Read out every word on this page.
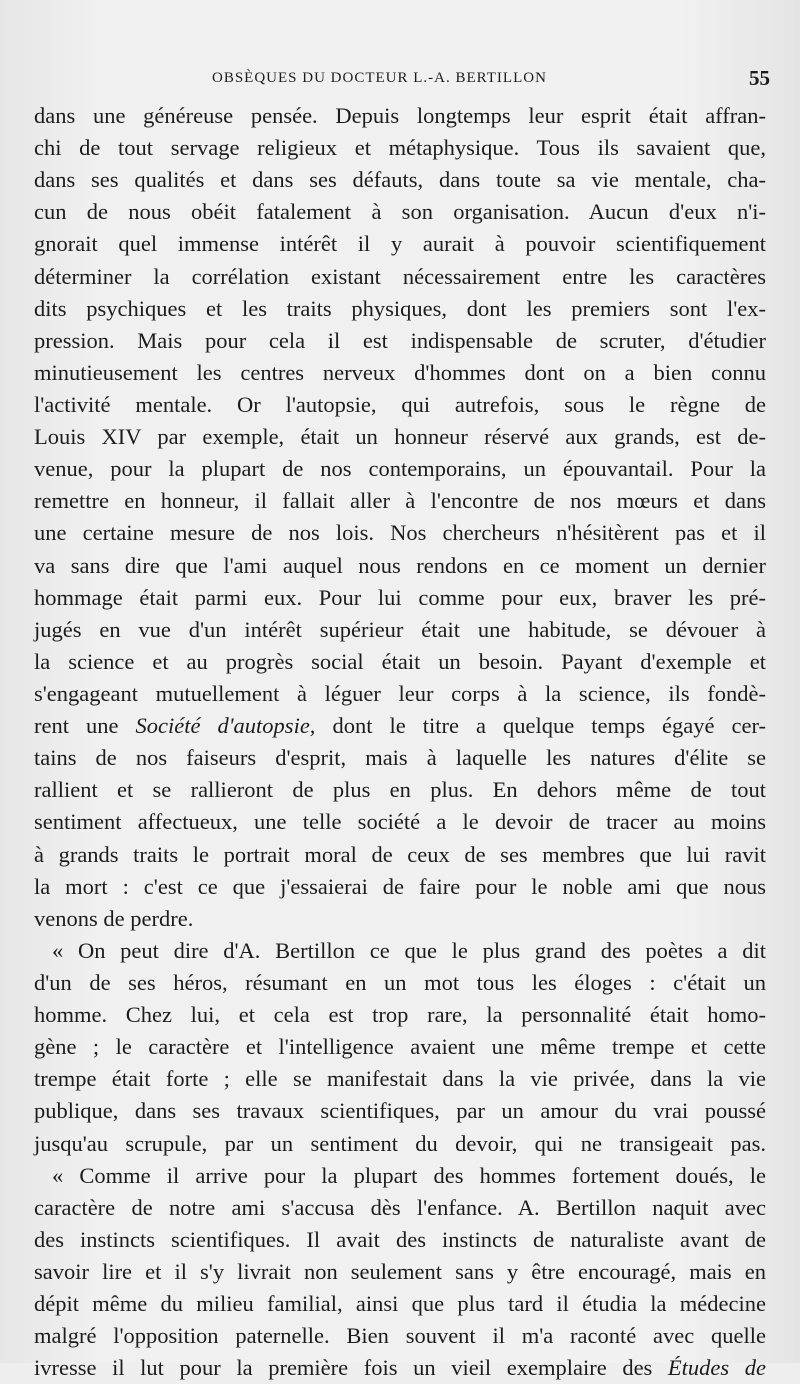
OBSÈQUES DU DOCTEUR L.-A. BERTILLON	55
dans une généreuse pensée. Depuis longtemps leur esprit était affran-
chi de tout servage religieux et métaphysique. Tous ils savaient que,
dans ses qualités et dans ses défauts, dans toute sa vie mentale, cha-
cun de nous obéit fatalement à son organisation. Aucun d'eux n'i-
gnorait quel immense intérêt il y aurait à pouvoir scientifiquement
déterminer la corrélation existant nécessairement entre les caractères
dits psychiques et les traits physiques, dont les premiers sont l'ex-
pression. Mais pour cela il est indispensable de scruter, d'étudier
minutieusement les centres nerveux d'hommes dont on a bien connu
l'activité mentale. Or l'autopsie, qui autrefois, sous le règne de
Louis XIV par exemple, était un honneur réservé aux grands, est de-
venue, pour la plupart de nos contemporains, un épouvantail. Pour la
remettre en honneur, il fallait aller à l'encontre de nos mœurs et dans
une certaine mesure de nos lois. Nos chercheurs n'hésitèrent pas et il
va sans dire que l'ami auquel nous rendons en ce moment un dernier
hommage était parmi eux. Pour lui comme pour eux, braver les pré-
jugés en vue d'un intérêt supérieur était une habitude, se dévouer à
la science et au progrès social était un besoin. Payant d'exemple et
s'engageant mutuellement à léguer leur corps à la science, ils fondè-
rent une Société d'autopsie, dont le titre a quelque temps égayé cer-
tains de nos faiseurs d'esprit, mais à laquelle les natures d'élite se
rallient et se rallieront de plus en plus. En dehors même de tout
sentiment affectueux, une telle société a le devoir de tracer au moins
à grands traits le portrait moral de ceux de ses membres que lui ravit
la mort : c'est ce que j'essaierai de faire pour le noble ami que nous
venons de perdre.
« On peut dire d'A. Bertillon ce que le plus grand des poètes a dit
d'un de ses héros, résumant en un mot tous les éloges : c'était un
homme. Chez lui, et cela est trop rare, la personnalité était homo-
gène ; le caractère et l'intelligence avaient une même trempe et cette
trempe était forte ; elle se manifestait dans la vie privée, dans la vie
publique, dans ses travaux scientifiques, par un amour du vrai poussé
jusqu'au scrupule, par un sentiment du devoir, qui ne transigeait pas.
« Comme il arrive pour la plupart des hommes fortement doués, le
caractère de notre ami s'accusa dès l'enfance. A. Bertillon naquit avec
des instincts scientifiques. Il avait des instincts de naturaliste avant de
savoir lire et il s'y livrait non seulement sans y être encouragé, mais en
dépit même du milieu familial, ainsi que plus tard il étudia la médecine
malgré l'opposition paternelle. Bien souvent il m'a raconté avec quelle
ivresse il lut pour la première fois un vieil exemplaire des Études de
